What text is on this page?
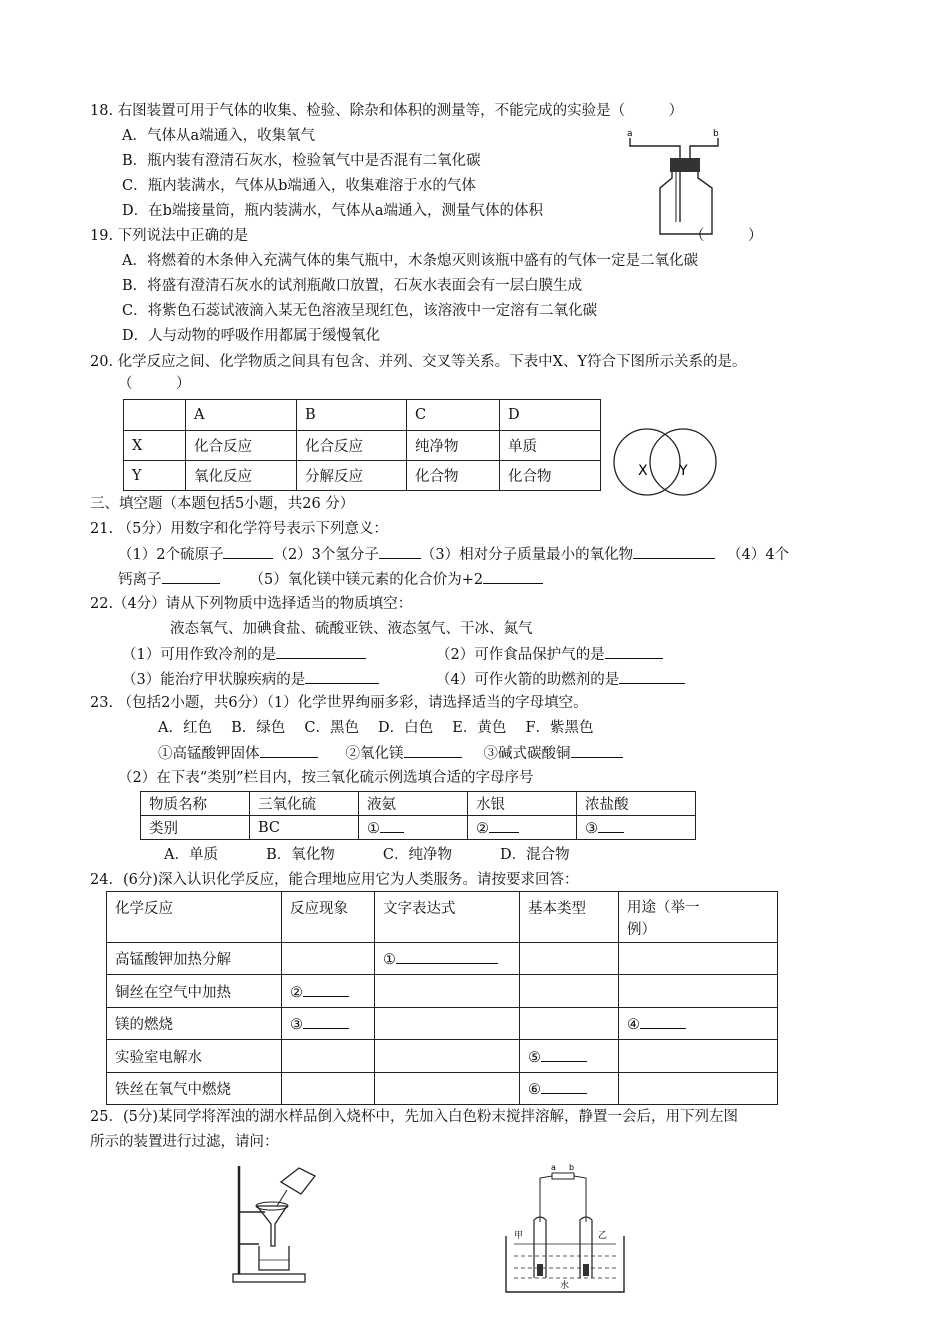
18. 右图装置可用于气体的收集、检验、除杂和体积的测量等，不能完成的实验是（　　　）
A．气体从a端通入，收集氧气
B．瓶内装有澄清石灰水，检验氧气中是否混有二氧化碳
C．瓶内装满水，气体从b端通入，收集难溶于水的气体
D．在b端接量筒，瓶内装满水，气体从a端通入，测量气体的体积
a	b
19. 下列说法中正确的是	（　　　）
A．将燃着的木条伸入充满气体的集气瓶中，木条熄灭则该瓶中盛有的气体一定是二氧化碳
B．将盛有澄清石灰水的试剂瓶敞口放置，石灰水表面会有一层白膜生成
C．将紫色石蕊试液滴入某无色溶液呈现红色，该溶液中一定溶有二氧化碳
D．人与动物的呼吸作用都属于缓慢氧化
20. 化学反应之间、化学物质之间具有包含、并列、交叉等关系。下表中X、Y符合下图所示关系的是。
（　　　）
	A	B	C	D
X	化合反应	化合反应	纯净物	单质
Y	氧化反应	分解反应	化合物	化合物	X Y
三、填空题（本题包括5小题，共26 分）
21. （5分）用数字和化学符号表示下列意义：
（1）2个硫原子	（2）3个氢分子	（3）相对分子质量最小的氧化物	（4）4个
钙离子	（5）氧化镁中镁元素的化合价为+2
22.（4分）请从下列物质中选择适当的物质填空：
液态氧气、加碘食盐、硫酸亚铁、液态氢气、干冰、氮气
（1）可用作致冷剂的是	（2）可作食品保护气的是
（3）能治疗甲状腺疾病的是	（4）可作火箭的助燃剂的是
23. （包括2小题，共6分）（1）化学世界绚丽多彩，请选择适当的字母填空。
A．红色　 B．绿色　 C．黑色　 D．白色　 E．黄色　 F．紫黑色
①高锰酸钾固体	②氧化镁	③碱式碳酸铜
（2）在下表“类别”栏目内，按三氧化硫示例选填合适的字母序号
物质名称	三氧化硫	液氨	水银	浓盐酸
类别	BC	①	②	③
A．单质　　　 B．氧化物　　　 C．纯净物　　　 D．混合物
24．(6分)深入认识化学反应，能合理地应用它为人类服务。请按要求回答：
化学反应	反应现象	文字表达式	基本类型	用途（举一
例）
高锰酸钾加热分解		①		
铜丝在空气中加热	②			
镁的燃烧	③			④
实验室电解水			⑤	
铁丝在氧气中燃烧			⑥	
25．(5分)某同学将浑浊的湖水样品倒入烧杯中，先加入白色粉末搅拌溶解，静置一会后，用下列左图
所示的装置进行过滤，请问：
a b
甲	乙
水
